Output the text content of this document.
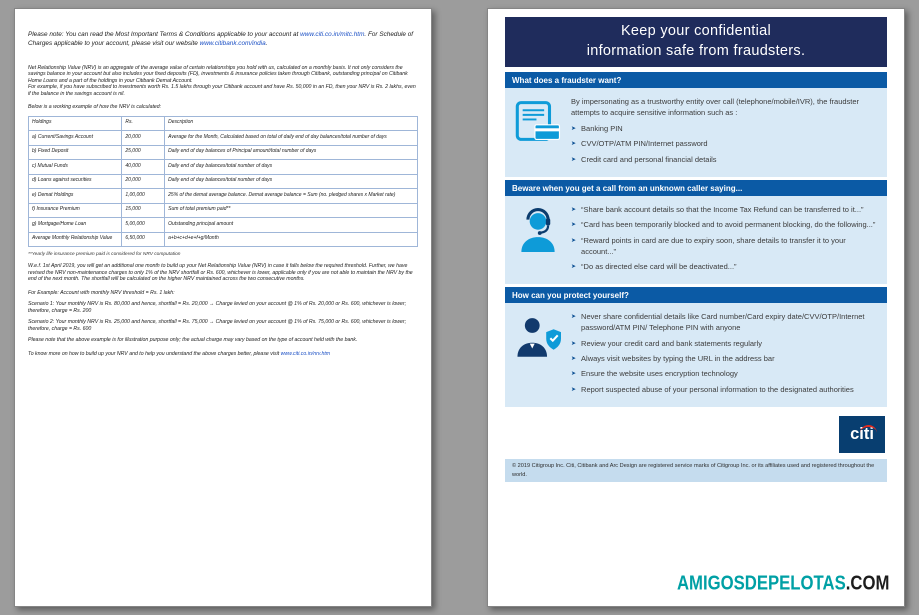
Please note: You can read the Most Important Terms & Conditions applicable to your account at www.citi.co.in/mitc.htm. For Schedule of Charges applicable to your account, please visit our website www.citibank.com/india.

Net Relationship Value (NRV) is an aggregate of the average value of certain relationships you hold with us, calculated on a monthly basis. It not only considers the savings balance in your account but also includes your fixed deposits (FD), investments & insurance policies taken through Citibank, outstanding principal on Citibank Home Loans and a part of the holdings in your Citibank Demat Account.

For example, if you have subscribed to investments worth Rs. 1.5 lakhs through your Citibank account and have Rs. 50,000 in an FD, then your NRV is Rs. 2 lakhs, even if the balance in the savings account is nil.

Below is a working example of how the NRV is calculated:

Holdings	Rs.	Description
a) Current/Savings Account	20,000	Average for the Month, Calculated based on total of daily end of day balances/total number of days
b) Fixed Deposit	25,000	Daily end of day balances of Principal amount/total number of days
c) Mutual Funds	40,000	Daily end of day balances/total number of days
d) Loans against securities	20,000	Daily end of day balances/total number of days
e) Demat Holdings	1,00,000	25% of the demat average balance. Demat average balance = Sum (no. pledged shares x Market rate)
f) Insurance Premium	15,000	Sum of total premium paid**
g) Mortgage/Home Loan	5,00,000	Outstanding principal amount
Average Monthly Relationship Value	6,50,000	a+b+c+d+e+f+g/Month

**Yearly life insurance premium paid is considered for NRV computation

W.e.f. 1st April 2019, you will get an additional one month to build up your Net Relationship Value (NRV) in case it falls below the required threshold. Further, we have revised the NRV non-maintenance charges to only 1% of the NRV shortfall or Rs. 600, whichever is lower, applicable only if you are not able to maintain the NRV by the end of the next month. The shortfall will be calculated on the higher NRV maintained across the two consecutive months.

For Example: Account with monthly NRV threshold = Rs. 1 lakh:

Scenario 1: Your monthly NRV is Rs. 80,000 and hence, shortfall = Rs. 20,000 → Charge levied on your account @ 1% of Rs. 20,000 or Rs. 600, whichever is lower; therefore, charge = Rs. 200

Scenario 2: Your monthly NRV is Rs. 25,000 and hence, shortfall = Rs. 75,000 → Charge levied on your account @ 1% of Rs. 75,000 or Rs. 600, whichever is lower; therefore, charge = Rs. 600

Please note that the above example is for illustration purpose only; the actual charge may vary based on the type of account held with the bank.

To know more on how to build up your NRV and to help you understand the above charges better, please visit www.citi.co.in/nrv.htm

Keep your confidential
information safe from fraudsters.
What does a fraudster want?

By impersonating as a trustworthy entity over call (telephone/mobile/IVR), the fraudster attempts to acquire sensitive information such as :

➤ Banking PIN
➤ CVV/OTP/ATM PIN/Internet password
➤ Credit card and personal financial details
Beware when you get a call from an unknown caller saying...
➤ “Share bank account details so that the Income Tax Refund can be transferred to it...”
➤ “Card has been temporarily blocked and to avoid permanent blocking, do the following...”
➤ “Reward points in card are due to expiry soon, share details to transfer it to your account...”
➤ “Do as directed else card will be deactivated...”
How can you protect yourself?
➤ Never share confidential details like Card number/Card expiry date/CVV/OTP/Internet password/ATM PIN/ Telephone PIN with anyone
➤ Review your credit card and bank statements regularly
➤ Always visit websites by typing the URL in the address bar
➤ Ensure the website uses encryption technology
➤ Report suspected abuse of your personal information to the designated authorities
citi
© 2019 Citigroup Inc. Citi, Citibank and Arc Design are registered service marks of Citigroup Inc. or its affiliates used and registered throughout the world.
AMIGOSDEPELOTAS.COM
